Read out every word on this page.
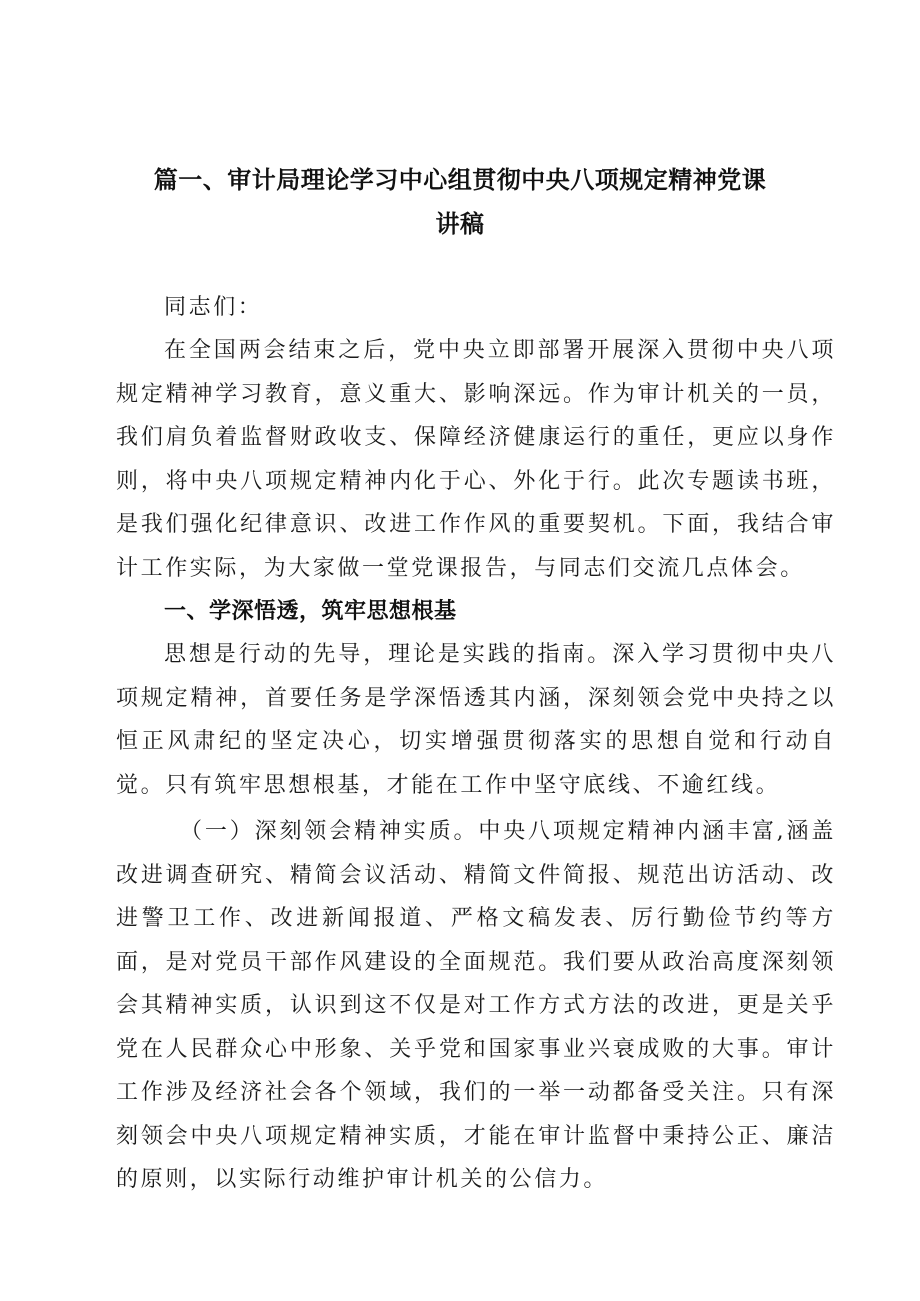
篇一、审计局理论学习中心组贯彻中央八项规定精神党课
讲稿

同志们：

在全国两会结束之后，党中央立即部署开展深入贯彻中央八项规定精神学习教育，意义重大、影响深远。作为审计机关的一员，我们肩负着监督财政收支、保障经济健康运行的重任，更应以身作则，将中央八项规定精神内化于心、外化于行。此次专题读书班，是我们强化纪律意识、改进工作作风的重要契机。下面，我结合审计工作实际，为大家做一堂党课报告，与同志们交流几点体会。

一、学深悟透，筑牢思想根基

思想是行动的先导，理论是实践的指南。深入学习贯彻中央八项规定精神，首要任务是学深悟透其内涵，深刻领会党中央持之以恒正风肃纪的坚定决心，切实增强贯彻落实的思想自觉和行动自觉。只有筑牢思想根基，才能在工作中坚守底线、不逾红线。

（一）深刻领会精神实质。中央八项规定精神内涵丰富,涵盖改进调查研究、精简会议活动、精简文件简报、规范出访活动、改进警卫工作、改进新闻报道、严格文稿发表、厉行勤俭节约等方面，是对党员干部作风建设的全面规范。我们要从政治高度深刻领会其精神实质，认识到这不仅是对工作方式方法的改进，更是关乎党在人民群众心中形象、关乎党和国家事业兴衰成败的大事。审计工作涉及经济社会各个领域，我们的一举一动都备受关注。只有深刻领会中央八项规定精神实质，才能在审计监督中秉持公正、廉洁的原则，以实际行动维护审计机关的公信力。
